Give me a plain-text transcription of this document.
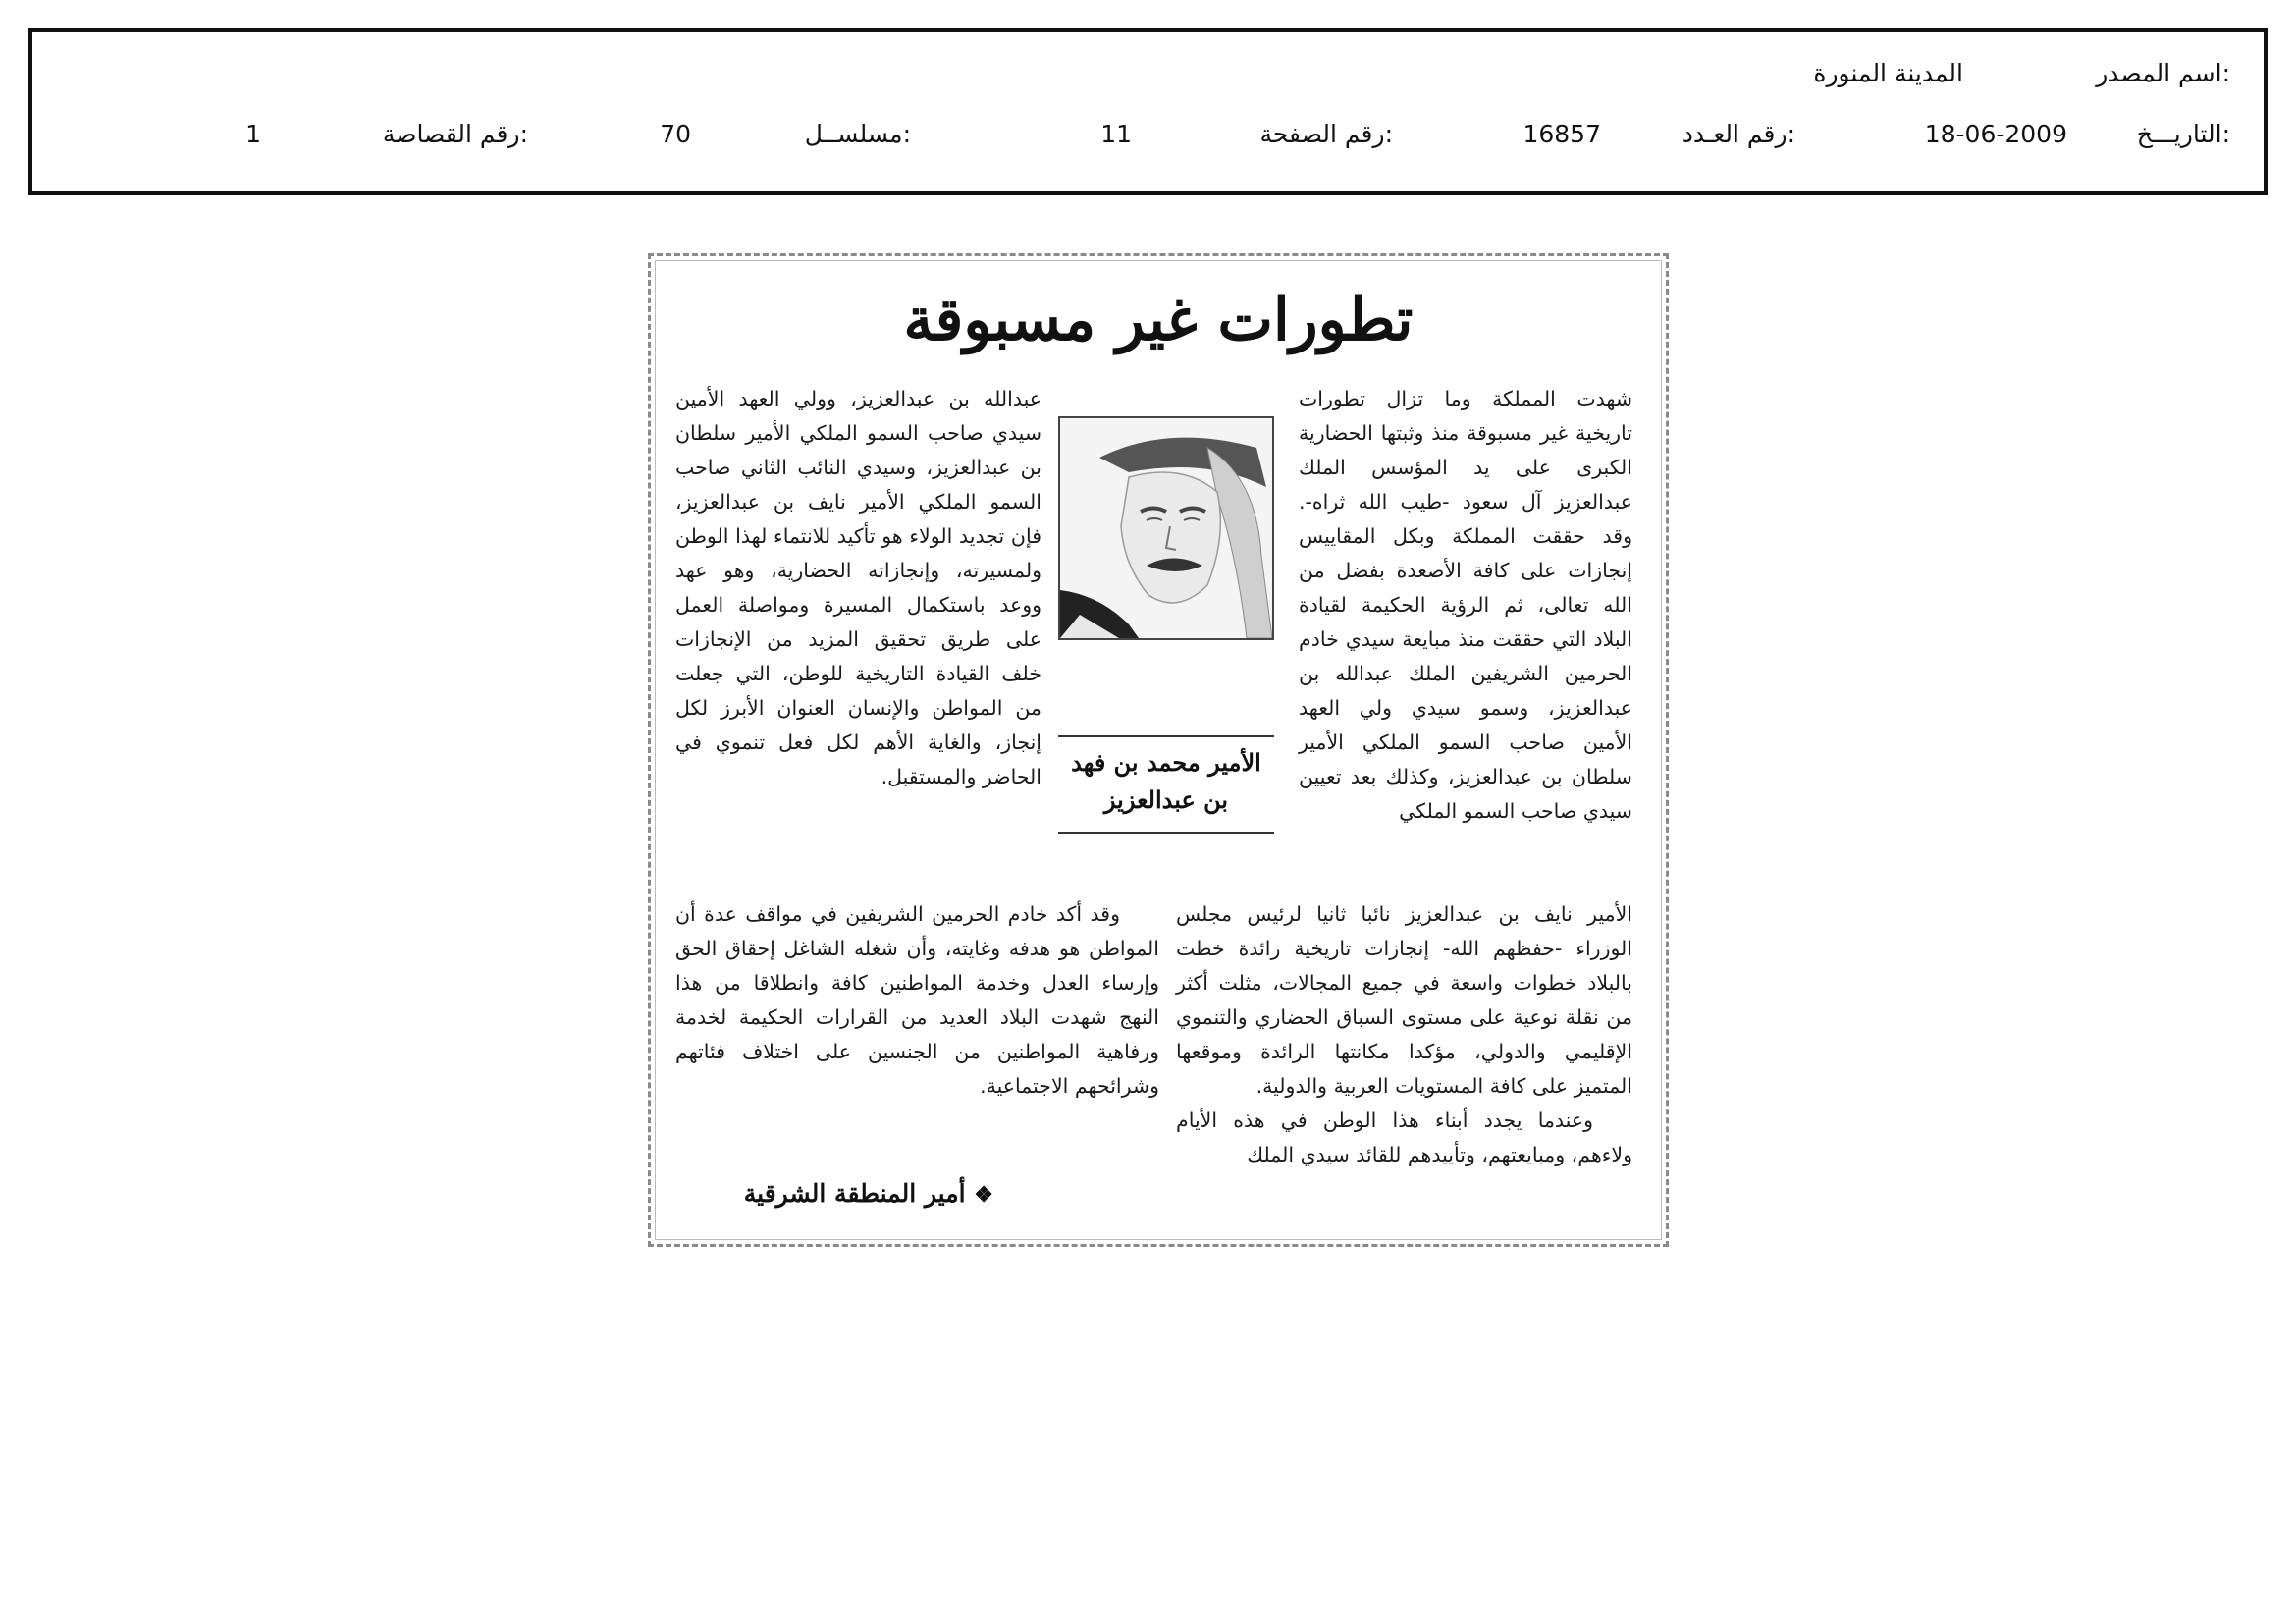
اسم المصدر:
المدينة المنورة
التاريـــخ:
18-06-2009
رقم العـدد:
16857
رقم الصفحة:
11
مسلســل:
70
رقم القصاصة:
1
تطورات غير مسبوقة

شهدت المملكة وما تزال تطورات تاريخية غير مسبوقة منذ وثبتها الحضارية الكبرى على يد المؤسس الملك عبدالعزيز آل سعود -طيب الله ثراه-. وقد حققت المملكة وبكل المقاييس إنجازات على كافة الأصعدة بفضل من الله تعالى، ثم الرؤية الحكيمة لقيادة البلاد التي حققت منذ مبايعة سيدي خادم الحرمين الشريفين الملك عبدالله بن عبدالعزيز، وسمو سيدي ولي العهد الأمين صاحب السمو الملكي الأمير سلطان بن عبدالعزيز، وكذلك بعد تعيين سيدي صاحب السمو الملكي

الأمير محمد بن فهد بن عبدالعزيز

الأمير نايف بن عبدالعزيز نائبا ثانيا لرئيس مجلس الوزراء -حفظهم الله- إنجازات تاريخية رائدة خطت بالبلاد خطوات واسعة في جميع المجالات، مثلت أكثر من نقلة نوعية على مستوى السباق الحضاري والتنموي الإقليمي والدولي، مؤكدا مكانتها الرائدة وموقعها المتميز على كافة المستويات العربية والدولية.

وعندما يجدد أبناء هذا الوطن في هذه الأيام ولاءهم، ومبايعتهم، وتأييدهم للقائد سيدي الملك

عبدالله بن عبدالعزيز، وولي العهد الأمين سيدي صاحب السمو الملكي الأمير سلطان بن عبدالعزيز، وسيدي النائب الثاني صاحب السمو الملكي الأمير نايف بن عبدالعزيز، فإن تجديد الولاء هو تأكيد للانتماء لهذا الوطن ولمسيرته، وإنجازاته الحضارية، وهو عهد ووعد باستكمال المسيرة ومواصلة العمل على طريق تحقيق المزيد من الإنجازات خلف القيادة التاريخية للوطن، التي جعلت من المواطن والإنسان العنوان الأبرز لكل إنجاز، والغاية الأهم لكل فعل تنموي في الحاضر والمستقبل.

وقد أكد خادم الحرمين الشريفين في مواقف عدة أن المواطن هو هدفه وغايته، وأن شغله الشاغل إحقاق الحق وإرساء العدل وخدمة المواطنين كافة وانطلاقا من هذا النهج شهدت البلاد العديد من القرارات الحكيمة لخدمة ورفاهية المواطنين من الجنسين على اختلاف فئاتهم وشرائحهم الاجتماعية.

❖ أمير المنطقة الشرقية
